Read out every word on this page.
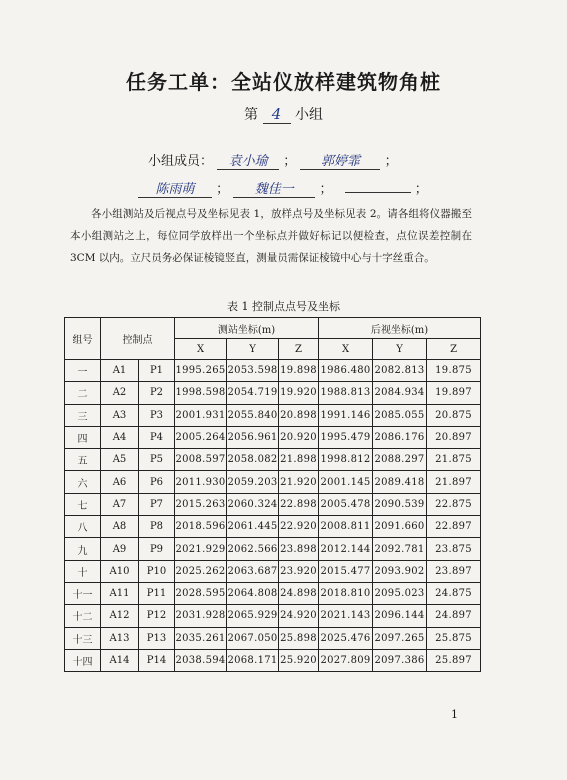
任务工单：全站仪放样建筑物角桩
第 4 小组
小组成员： 袁小瑜 ； 郭婷霏 ；
陈雨萌 ； 魏佳一 ；	；

各小组测站及后视点号及坐标见表 1，放样点号及坐标见表 2。请各组将仪器搬至本小组测站之上，每位同学放样出一个坐标点并做好标记以便检查，点位误差控制在 3CM 以内。立尺员务必保证棱镜竖直，测量员需保证棱镜中心与十字丝重合。

表 1 控制点点号及坐标
组号	控制点		测站坐标(m)			后视坐标(m)		
			X	Y	Z	X	Y	Z
一	A1	P1	1995.265	2053.598	19.898	1986.480	2082.813	19.875
二	A2	P2	1998.598	2054.719	19.920	1988.813	2084.934	19.897
三	A3	P3	2001.931	2055.840	20.898	1991.146	2085.055	20.875
四	A4	P4	2005.264	2056.961	20.920	1995.479	2086.176	20.897
五	A5	P5	2008.597	2058.082	21.898	1998.812	2088.297	21.875
六	A6	P6	2011.930	2059.203	21.920	2001.145	2089.418	21.897
七	A7	P7	2015.263	2060.324	22.898	2005.478	2090.539	22.875
八	A8	P8	2018.596	2061.445	22.920	2008.811	2091.660	22.897
九	A9	P9	2021.929	2062.566	23.898	2012.144	2092.781	23.875
十	A10	P10	2025.262	2063.687	23.920	2015.477	2093.902	23.897
十一	A11	P11	2028.595	2064.808	24.898	2018.810	2095.023	24.875
十二	A12	P12	2031.928	2065.929	24.920	2021.143	2096.144	24.897
十三	A13	P13	2035.261	2067.050	25.898	2025.476	2097.265	25.875
十四	A14	P14	2038.594	2068.171	25.920	2027.809	2097.386	25.897
1
